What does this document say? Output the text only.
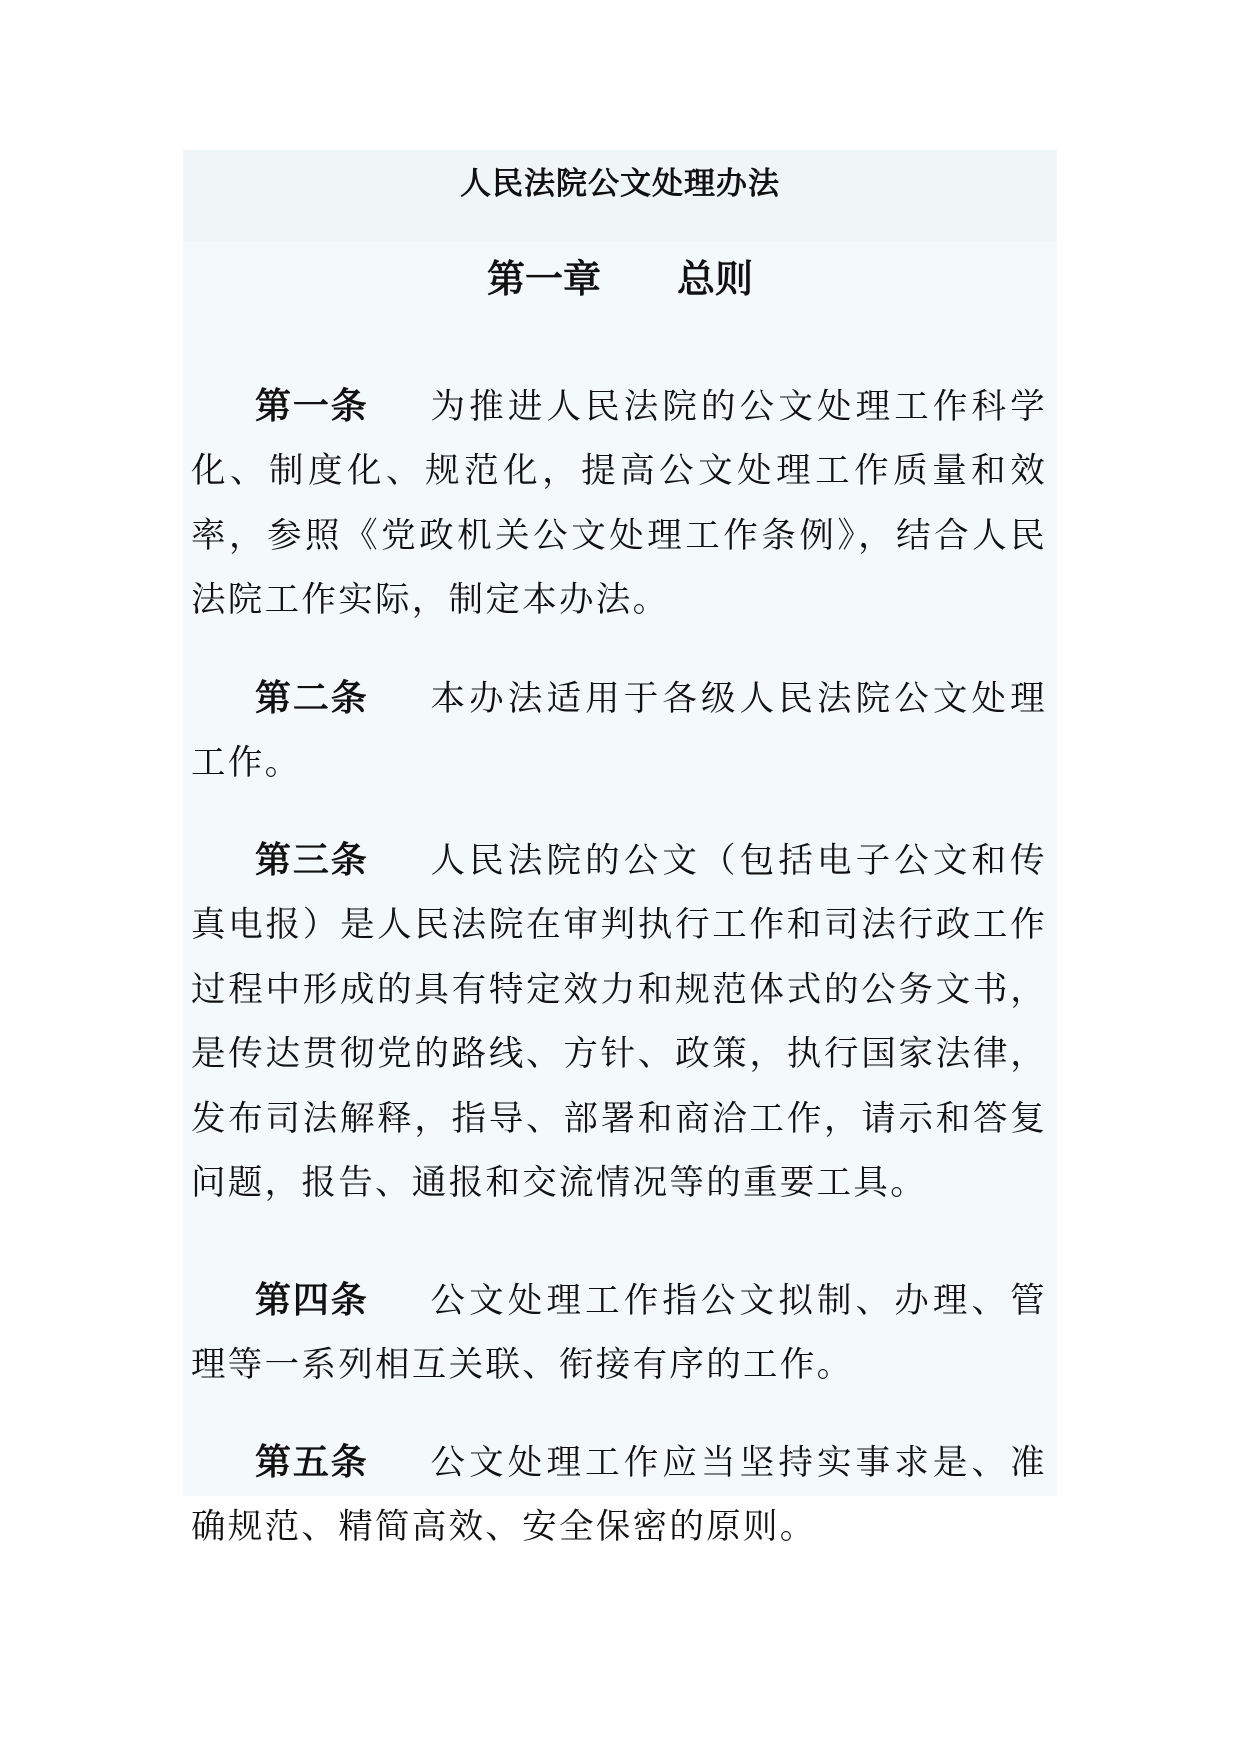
人民法院公文处理办法
第一章　　总则

第一条 为推进人民法院的公文处理工作科学化、制度化、规范化，提高公文处理工作质量和效率，参照《党政机关公文处理工作条例》，结合人民法院工作实际，制定本办法。

第二条 本办法适用于各级人民法院公文处理工作。

第三条 人民法院的公文（包括电子公文和传真电报）是人民法院在审判执行工作和司法行政工作过程中形成的具有特定效力和规范体式的公务文书，是传达贯彻党的路线、方针、政策，执行国家法律，发布司法解释，指导、部署和商洽工作，请示和答复问题，报告、通报和交流情况等的重要工具。

第四条 公文处理工作指公文拟制、办理、管理等一系列相互关联、衔接有序的工作。

第五条 公文处理工作应当坚持实事求是、准确规范、精简高效、安全保密的原则。
